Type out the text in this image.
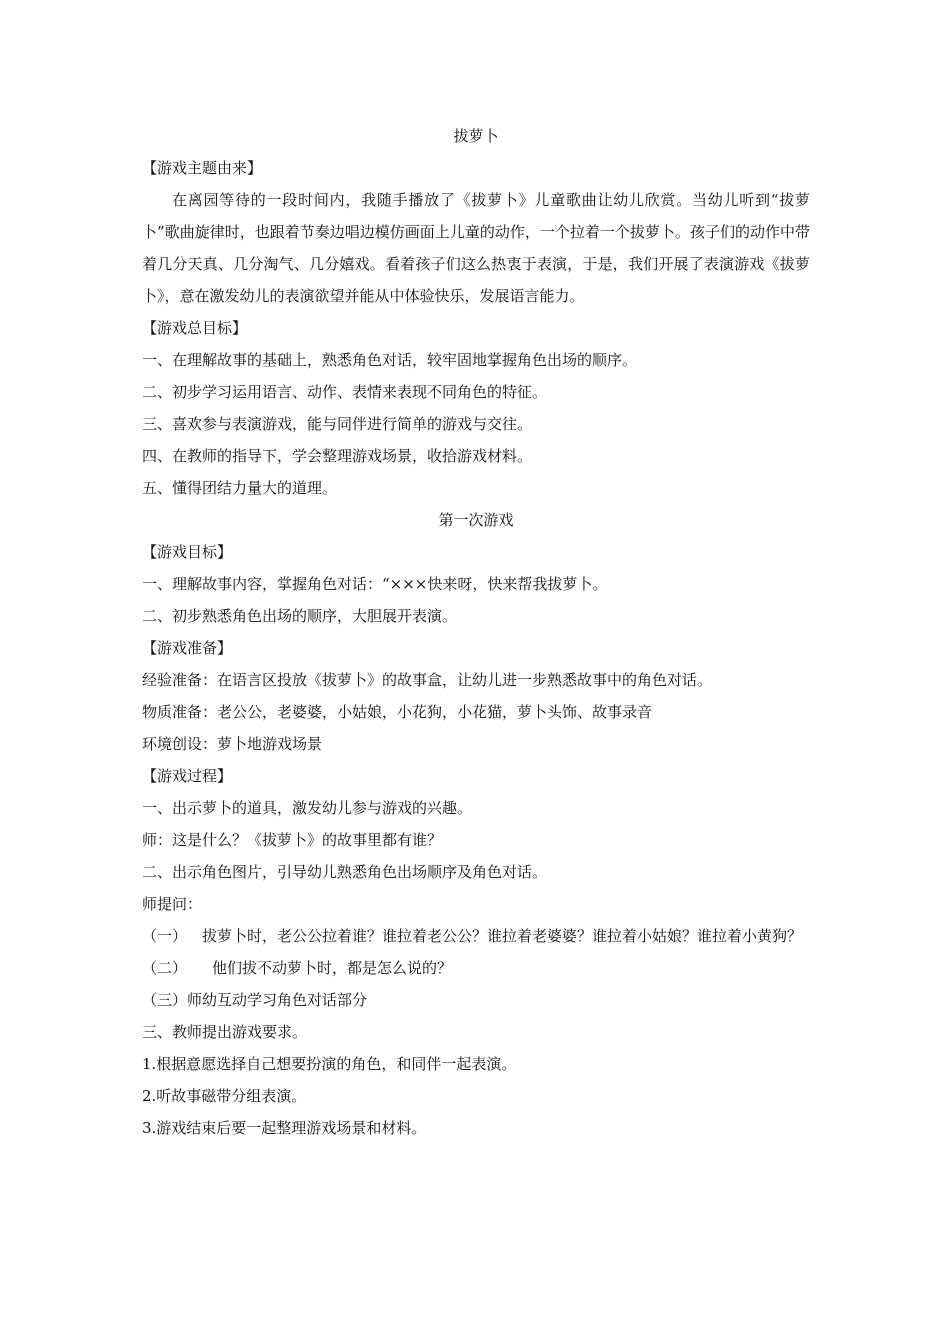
拔萝卜
【游戏主题由来】
在离园等待的一段时间内，我随手播放了《拔萝卜》儿童歌曲让幼儿欣赏。当幼儿听到“拔萝卜”歌曲旋律时，也跟着节奏边唱边模仿画面上儿童的动作，一个拉着一个拔萝卜。孩子们的动作中带着几分天真、几分淘气、几分嬉戏。看着孩子们这么热衷于表演，于是，我们开展了表演游戏《拔萝卜》，意在激发幼儿的表演欲望并能从中体验快乐，发展语言能力。
【游戏总目标】
一、在理解故事的基础上，熟悉角色对话，较牢固地掌握角色出场的顺序。
二、初步学习运用语言、动作、表情来表现不同角色的特征。
三、喜欢参与表演游戏，能与同伴进行简单的游戏与交往。
四、在教师的指导下，学会整理游戏场景，收拾游戏材料。
五、懂得团结力量大的道理。
第一次游戏
【游戏目标】
一、理解故事内容，掌握角色对话：“×××快来呀，快来帮我拔萝卜。
二、初步熟悉角色出场的顺序，大胆展开表演。
【游戏准备】
经验准备：在语言区投放《拔萝卜》的故事盒，让幼儿进一步熟悉故事中的角色对话。
物质准备：老公公，老婆婆，小姑娘，小花狗，小花猫，萝卜头饰、故事录音
环境创设：萝卜地游戏场景
【游戏过程】
一、出示萝卜的道具，激发幼儿参与游戏的兴趣。
师：这是什么？《拔萝卜》的故事里都有谁？
二、出示角色图片，引导幼儿熟悉角色出场顺序及角色对话。
师提问：
（一） 拔萝卜时，老公公拉着谁？谁拉着老公公？谁拉着老婆婆？谁拉着小姑娘？谁拉着小黄狗？
（二）	他们拔不动萝卜时，都是怎么说的？
（三）师幼互动学习角色对话部分
三、教师提出游戏要求。
1.根据意愿选择自己想要扮演的角色，和同伴一起表演。
2.听故事磁带分组表演。
3.游戏结束后要一起整理游戏场景和材料。
